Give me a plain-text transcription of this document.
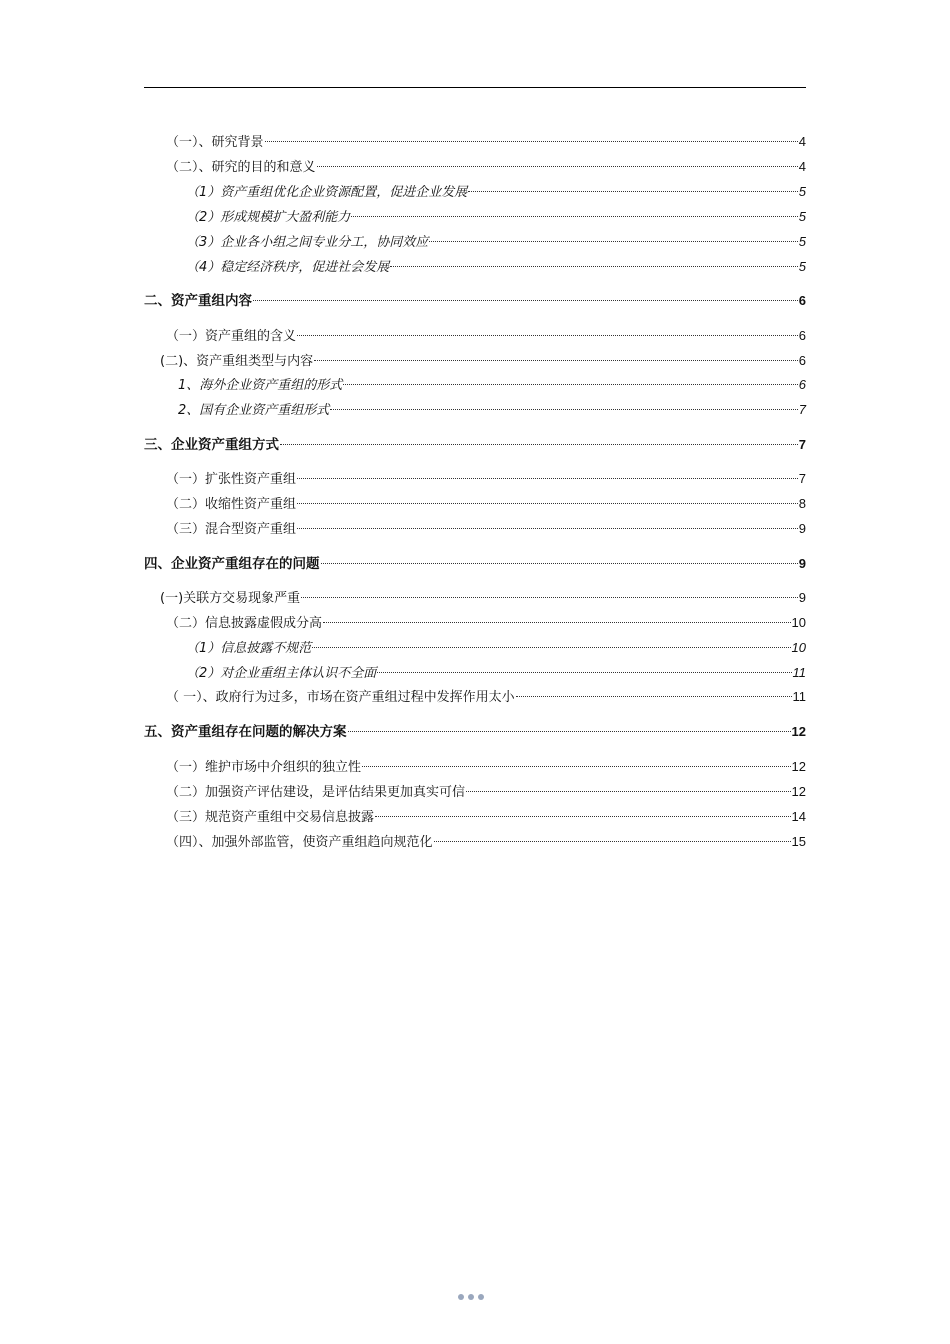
（一）、研究背景	4
（二）、研究的目的和意义	4
（1）资产重组优化企业资源配置，促进企业发展	5
（2）形成规模扩大盈利能力	5
（3）企业各小组之间专业分工，协同效应	5
（4）稳定经济秩序，促进社会发展	5
二、资产重组内容	6
（一）资产重组的含义	6
(二)、资产重组类型与内容	6
1、海外企业资产重组的形式	6
2、国有企业资产重组形式	7
三、企业资产重组方式	7
（一）扩张性资产重组	7
（二）收缩性资产重组	8
（三）混合型资产重组	9
四、企业资产重组存在的问题	9
(一)关联方交易现象严重	9
（二）信息披露虚假成分高	10
（1）信息披露不规范	10
（2）对企业重组主体认识不全面	11
（ 一）、政府行为过多，市场在资产重组过程中发挥作用太小	11
五、资产重组存在问题的解决方案	12
（一）维护市场中介组织的独立性	12
（二）加强资产评估建设，是评估结果更加真实可信	12
（三）规范资产重组中交易信息披露	14
（四）、加强外部监管，使资产重组趋向规范化	15
